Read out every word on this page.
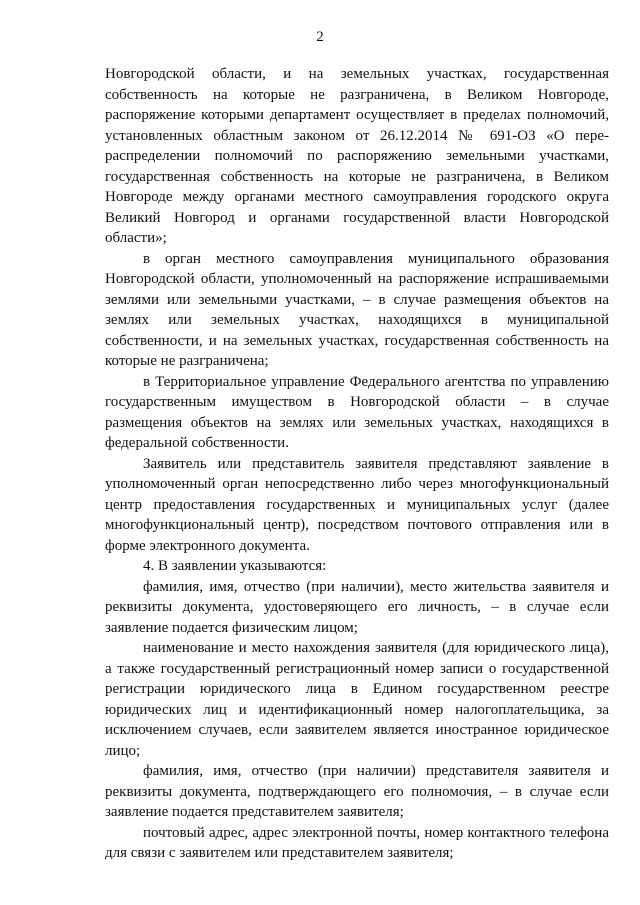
2
Новгородской области, и на земельных участках, государственная
собственность на которые не разграничена, в Великом Новгороде,
распоряжение которыми департамент осуществляет в пределах полномочий,
установленных областным законом от 26.12.2014 № 691-ОЗ «О пере-
распределении полномочий по распоряжению земельными участками,
государственная собственность на которые не разграничена, в Великом
Новгороде между органами местного самоуправления городского округа
Великий Новгород и органами государственной власти Новгородской
области»;
в орган местного самоуправления муниципального образования
Новгородской области, уполномоченный на распоряжение испрашиваемыми
землями или земельными участками, – в случае размещения объектов на
землях или земельных участках, находящихся в муниципальной
собственности, и на земельных участках, государственная собственность на
которые не разграничена;
в Территориальное управление Федерального агентства по управлению
государственным имуществом в Новгородской области – в случае
размещения объектов на землях или земельных участках, находящихся в
федеральной собственности.
Заявитель или представитель заявителя представляют заявление в
уполномоченный орган непосредственно либо через многофункциональный
центр предоставления государственных и муниципальных услуг (далее
многофункциональный центр), посредством почтового отправления или в
форме электронного документа.
4. В заявлении указываются:
фамилия, имя, отчество (при наличии), место жительства заявителя и
реквизиты документа, удостоверяющего его личность, – в случае если
заявление подается физическим лицом;
наименование и место нахождения заявителя (для юридического лица),
а также государственный регистрационный номер записи о государственной
регистрации юридического лица в Едином государственном реестре
юридических лиц и идентификационный номер налогоплательщика, за
исключением случаев, если заявителем является иностранное юридическое
лицо;
фамилия, имя, отчество (при наличии) представителя заявителя и
реквизиты документа, подтверждающего его полномочия, – в случае если
заявление подается представителем заявителя;
почтовый адрес, адрес электронной почты, номер контактного телефона
для связи с заявителем или представителем заявителя;
